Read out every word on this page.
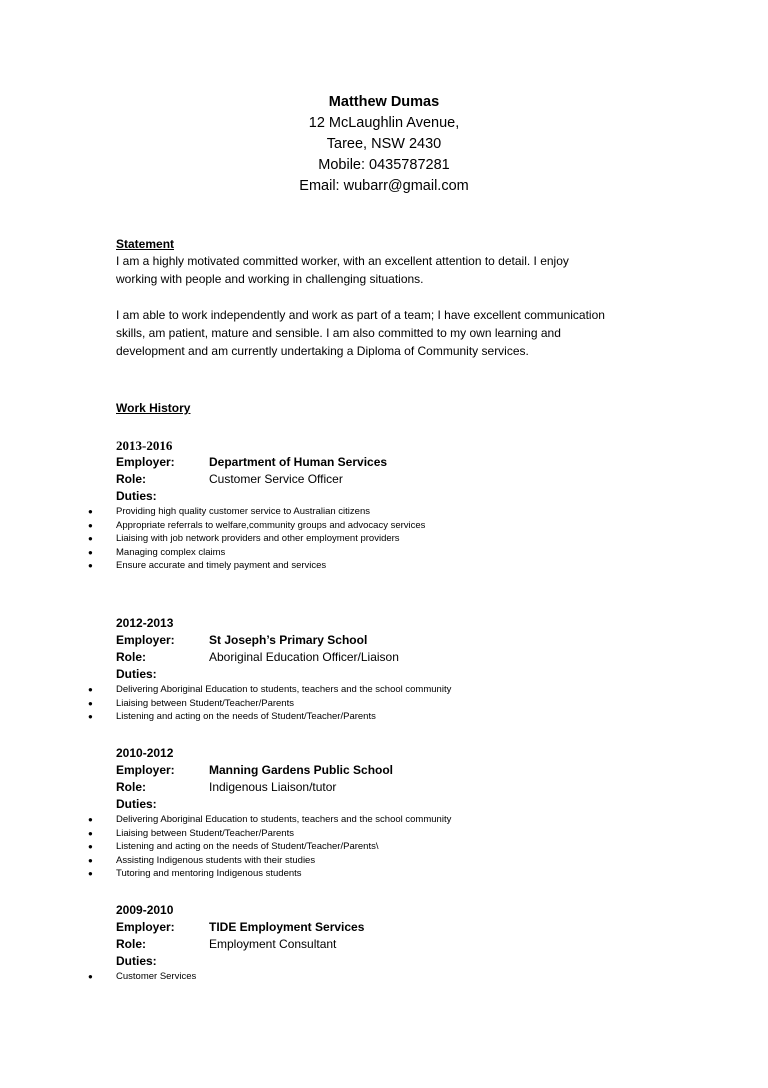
Matthew Dumas
12 McLaughlin Avenue,
Taree, NSW 2430
Mobile: 0435787281
Email: wubarr@gmail.com
Statement
I am a highly motivated committed worker, with an excellent attention to detail. I enjoy
working with people and working in challenging situations.
I am able to work independently and work as part of a team; I have excellent communication
skills, am patient, mature and sensible. I am also committed to my own learning and
development and am currently undertaking a Diploma of Community services.
Work History
2013-2016
Employer:	Department of Human Services
Role:	Customer Service Officer
Duties:
● Providing high quality customer service to Australian citizens
● Appropriate referrals to welfare,community groups and advocacy services
● Liaising with job network providers and other employment providers
● Managing complex claims
● Ensure accurate and timely payment and services
2012-2013
Employer:	St Joseph’s Primary School
Role:	Aboriginal Education Officer/Liaison
Duties:
● Delivering Aboriginal Education to students, teachers and the school community
● Liaising between Student/Teacher/Parents
● Listening and acting on the needs of Student/Teacher/Parents
2010-2012
Employer:	Manning Gardens Public School
Role:	Indigenous Liaison/tutor
Duties:
● Delivering Aboriginal Education to students, teachers and the school community
● Liaising between Student/Teacher/Parents
● Listening and acting on the needs of Student/Teacher/Parents\
● Assisting Indigenous students with their studies
● Tutoring and mentoring Indigenous students
2009-2010
Employer:	TIDE Employment Services
Role:	Employment Consultant
Duties:
● Customer Services
